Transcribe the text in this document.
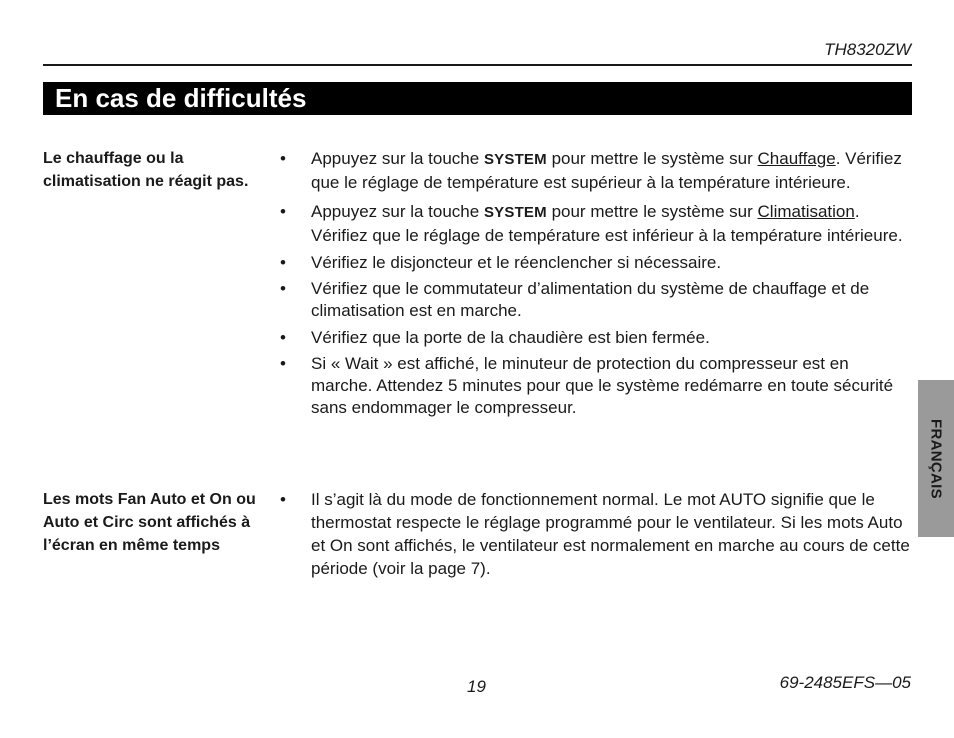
TH8320ZW
En cas de difficultés
FRANÇAIS
Le chauffage ou la climatisation ne réagit pas.
• Appuyez sur la touche SYSTEM pour mettre le système sur Chauffage. Vérifiez que le réglage de température est supérieur à la température intérieure.
• Appuyez sur la touche SYSTEM pour mettre le système sur Climatisation. Vérifiez que le réglage de température est inférieur à la température intérieure.
• Vérifiez le disjoncteur et le réenclencher si nécessaire.
• Vérifiez que le commutateur d’alimentation du système de chauffage et de climatisation est en marche.
• Vérifiez que la porte de la chaudière est bien fermée.
• Si « Wait » est affiché, le minuteur de protection du compresseur est en marche. Attendez 5 minutes pour que le système redémarre en toute sécurité sans endommager le compresseur.
Les mots Fan Auto et On ou Auto et Circ sont affichés à l’écran en même temps
• Il s’agit là du mode de fonctionnement normal. Le mot AUTO signifie que le thermostat respecte le réglage programmé pour le ventilateur. Si les mots Auto et On sont affichés, le ventilateur est normalement en marche au cours de cette période (voir la page 7).
19	69-2485EFS—05
